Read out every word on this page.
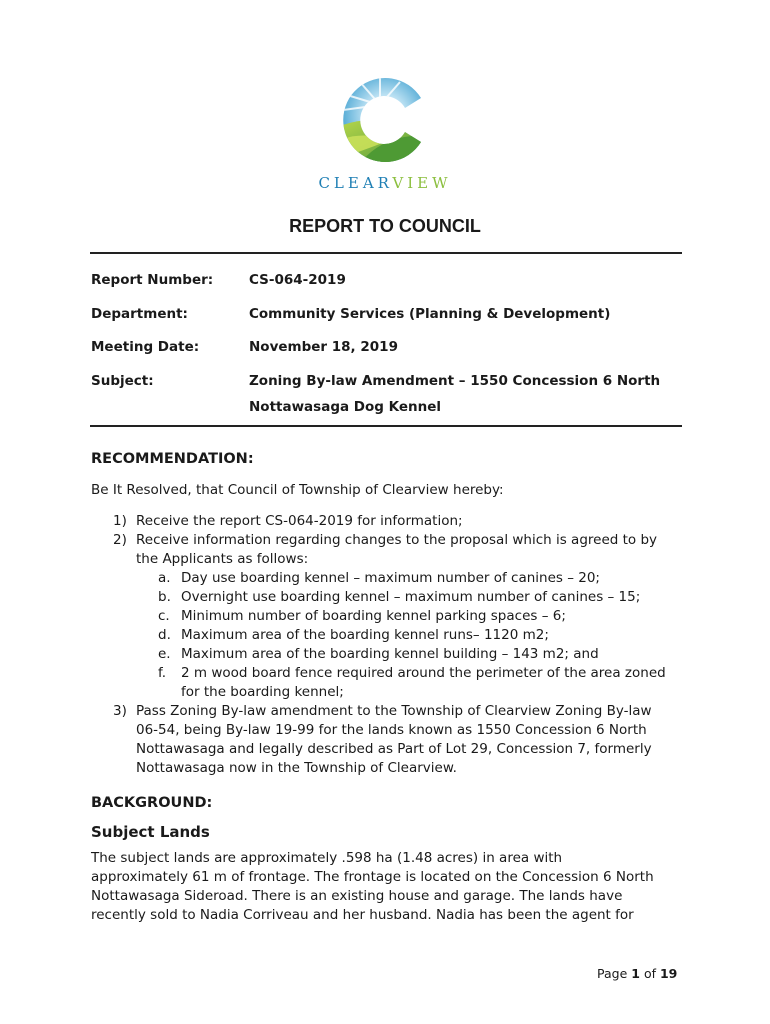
CLEARVIEW
REPORT TO COUNCIL
Report Number:	CS-064-2019
Department:	Community Services (Planning & Development)
Meeting Date:	November 18, 2019
Subject:	Zoning By-law Amendment – 1550 Concession 6 North
Nottawasaga Dog Kennel
RECOMMENDATION:
Be It Resolved, that Council of Township of Clearview hereby:
1) Receive the report CS-064-2019 for information;
2) Receive information regarding changes to the proposal which is agreed to by
the Applicants as follows:
a. Day use boarding kennel – maximum number of canines – 20;
b. Overnight use boarding kennel – maximum number of canines – 15;
c. Minimum number of boarding kennel parking spaces – 6;
d. Maximum area of the boarding kennel runs– 1120 m2;
e. Maximum area of the boarding kennel building – 143 m2; and
f. 2 m wood board fence required around the perimeter of the area zoned
for the boarding kennel;
3) Pass Zoning By-law amendment to the Township of Clearview Zoning By-law
06-54, being By-law 19-99 for the lands known as 1550 Concession 6 North
Nottawasaga and legally described as Part of Lot 29, Concession 7, formerly
Nottawasaga now in the Township of Clearview.
BACKGROUND:
Subject Lands
The subject lands are approximately .598 ha (1.48 acres) in area with
approximately 61 m of frontage. The frontage is located on the Concession 6 North
Nottawasaga Sideroad. There is an existing house and garage. The lands have
recently sold to Nadia Corriveau and her husband. Nadia has been the agent for
Page 1 of 19
